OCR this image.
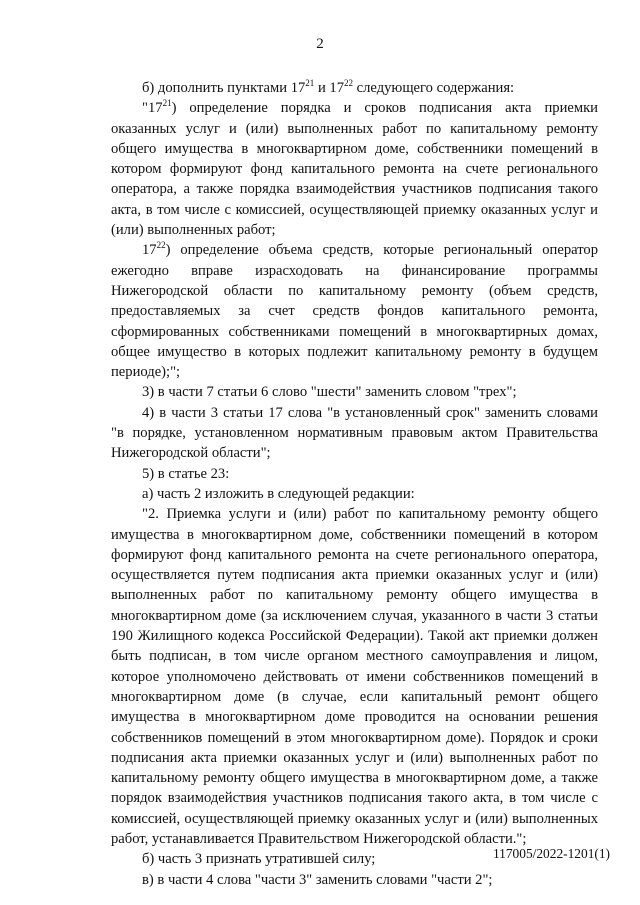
2

б) дополнить пунктами $17^{21}$ и $17^{22}$ следующего содержания:

"$17^{21}$) определение порядка и сроков подписания акта приемки оказанных услуг и (или) выполненных работ по капитальному ремонту общего имущества в многоквартирном доме, собственники помещений в котором формируют фонд капитального ремонта на счете регионального оператора, а также порядка взаимодействия участников подписания такого акта, в том числе с комиссией, осуществляющей приемку оказанных услуг и (или) выполненных работ;

$17^{22}$) определение объема средств, которые региональный оператор ежегодно вправе израсходовать на финансирование программы Нижегородской области по капитальному ремонту (объем средств, предоставляемых за счет средств фондов капитального ремонта, сформированных собственниками помещений в многоквартирных домах, общее имущество в которых подлежит капитальному ремонту в будущем периоде);";

3) в части 7 статьи 6 слово "шести" заменить словом "трех";

4) в части 3 статьи 17 слова "в установленный срок" заменить словами "в порядке, установленном нормативным правовым актом Правительства Нижегородской области";

5) в статье 23:

а) часть 2 изложить в следующей редакции:

"2. Приемка услуги и (или) работ по капитальному ремонту общего имущества в многоквартирном доме, собственники помещений в котором формируют фонд капитального ремонта на счете регионального оператора, осуществляется путем подписания акта приемки оказанных услуг и (или) выполненных работ по капитальному ремонту общего имущества в многоквартирном доме (за исключением случая, указанного в части 3 статьи 190 Жилищного кодекса Российской Федерации). Такой акт приемки должен быть подписан, в том числе органом местного самоуправления и лицом, которое уполномочено действовать от имени собственников помещений в многоквартирном доме (в случае, если капитальный ремонт общего имущества в многоквартирном доме проводится на основании решения собственников помещений в этом многоквартирном доме). Порядок и сроки подписания акта приемки оказанных услуг и (или) выполненных работ по капитальному ремонту общего имущества в многоквартирном доме, а также порядок взаимодействия участников подписания такого акта, в том числе с комиссией, осуществляющей приемку оказанных услуг и (или) выполненных работ, устанавливается Правительством Нижегородской области.";

б) часть 3 признать утратившей силу;

в) в части 4 слова "части 3" заменить словами "части 2";

117005/2022-1201(1)
